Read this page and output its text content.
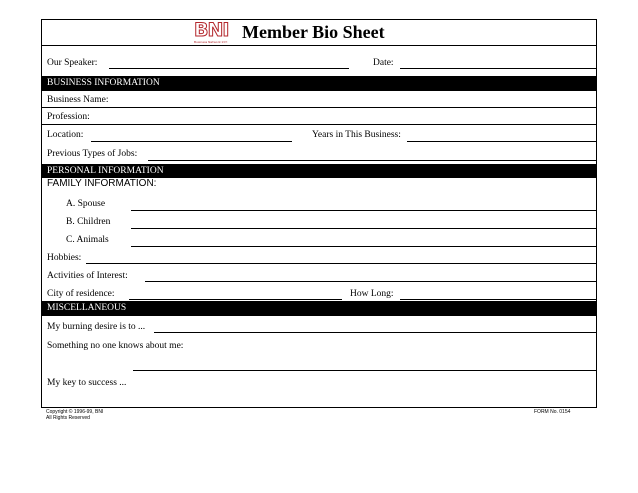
BNI
Business Network Int'l Member Bio Sheet
Our Speaker:	Date:
BUSINESS INFORMATION
Business Name:
Profession:
Location:	Years in This Business:
Previous Types of Jobs:
PERSONAL INFORMATION
FAMILY INFORMATION:
A. Spouse
B. Children
C. Animals
Hobbies:
Activities of Interest:
City of residence:	How Long:
MISCELLANEOUS
My burning desire is to ...
Something no one knows about me:
My key to success ...
Copyright © 1996-99, BNI
All Rights Reserved
FORM No. 0154
